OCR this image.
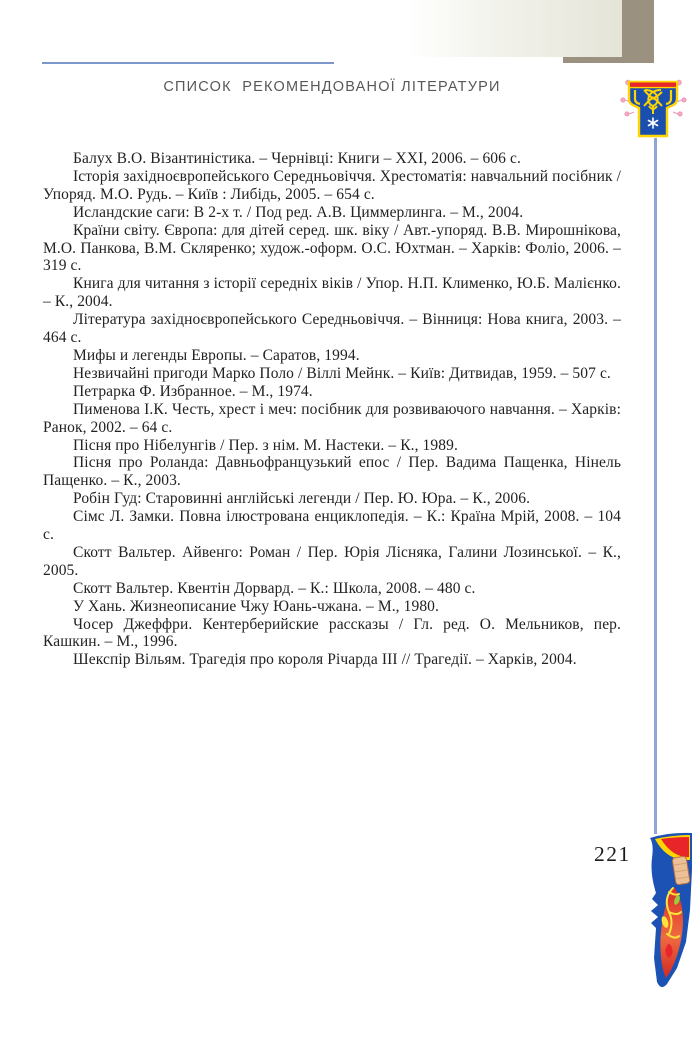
СПИСОК  РЕКОМЕНДОВАНОЇ ЛІТЕРАТУРИ

Балух В.О. Візантиністика. – Чернівці: Книги – XXI, 2006. – 606 с.

Історія західноєвропейського Середньовіччя. Хрестоматія: навчальний посібник / Упоряд. М.О. Рудь. – Київ : Либідь, 2005. – 654 с.

Исландские саги: В 2-х т. / Под ред. А.В. Циммерлинга. – М., 2004.

Країни світу. Європа: для дітей серед. шк. віку / Авт.-упоряд. В.В. Мирошнікова, М.О. Панкова, В.М. Скляренко; худож.-оформ. О.С. Юхтман. – Харків: Фоліо, 2006. – 319 с.

Книга для читання з історії середніх віків / Упор. Н.П. Клименко, Ю.Б. Малієнко. – К., 2004.

Література західноєвропейського Середньовіччя. – Вінниця: Нова книга, 2003. – 464 с.

Мифы и легенды Европы. – Саратов, 1994.

Незвичайні пригоди Марко Поло / Віллі Мейнк. – Київ: Дитвидав, 1959. – 507 с.

Петрарка Ф. Избранное. – М., 1974.

Пименова І.К. Честь, хрест і меч: посібник для розвиваючого навчання. – Харків: Ранок, 2002. – 64 с.

Пісня про Нібелунгів / Пер. з нім. М. Настеки. – К., 1989.

Пісня про Роланда: Давньофранцузький епос / Пер. Вадима Пащенка, Нінель Пащенко. – К., 2003.

Робін Гуд: Старовинні англійські легенди / Пер. Ю. Юра. – К., 2006.

Сімс Л. Замки. Повна ілюстрована енциклопедія. – К.: Країна Мрій, 2008. – 104 с.

Скотт Вальтер. Айвенго: Роман / Пер. Юрія Лісняка, Галини Лозинської. – К., 2005.

Скотт Вальтер. Квентін Дорвард. – К.: Школа, 2008. – 480 с.

У Хань. Жизнеописание Чжу Юань-чжана. – М., 1980.

Чосер Джеффри. Кентерберийские рассказы / Гл. ред. О. Мельников, пер. Кашкин. – М., 1996.

Шекспір Вільям. Трагедія про короля Річарда III // Трагедії. – Харків, 2004.

221
